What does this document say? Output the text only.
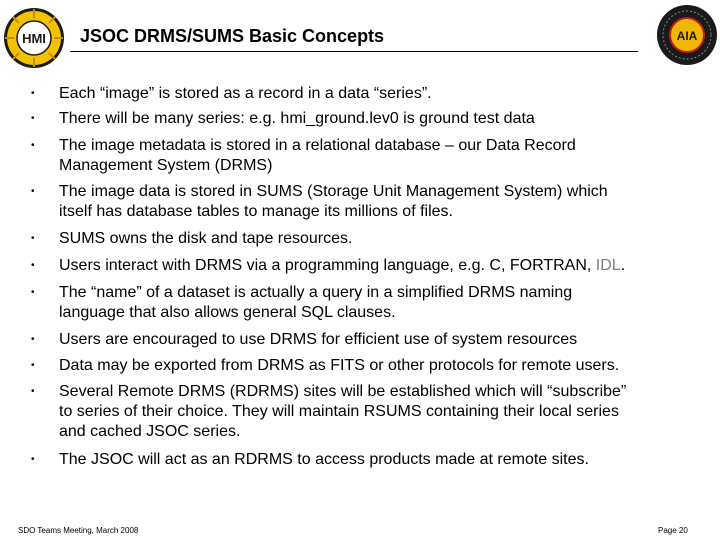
HMI JSOC DRMS/SUMS Basic Concepts	AIA
• Each “image” is stored as a record in a data “series”.
• There will be many series: e.g. hmi_ground.lev0 is ground test data
• The image metadata is stored in a relational database – our Data Record
Management System (DRMS)
• The image data is stored in SUMS (Storage Unit Management System) which
itself has database tables to manage its millions of files.
• SUMS owns the disk and tape resources.
• Users interact with DRMS via a programming language, e.g. C, FORTRAN, IDL.
• The “name” of a dataset is actually a query in a simplified DRMS naming
language that also allows general SQL clauses.
• Users are encouraged to use DRMS for efficient use of system resources
• Data may be exported from DRMS as FITS or other protocols for remote users.
• Several Remote DRMS (RDRMS) sites will be established which will “subscribe”
to series of their choice. They will maintain RSUMS containing their local series
and cached JSOC series.
• The JSOC will act as an RDRMS to access products made at remote sites.
SDO Teams Meeting, March 2008	Page 20
